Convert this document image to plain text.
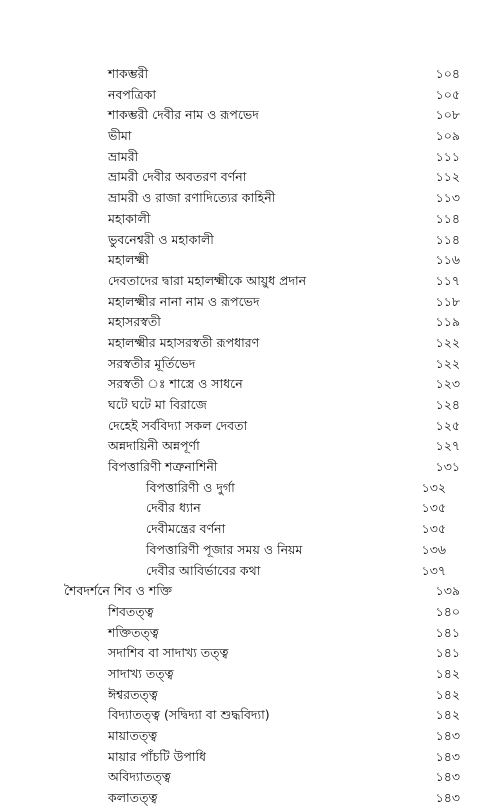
শাকম্ভরী	১০৪
নবপত্রিকা	১০৫
শাকম্ভরী দেবীর নাম ও রূপভেদ	১০৮
ভীমা	১০৯
ভ্রামরী	১১১
ভ্রামরী দেবীর অবতরণ বর্ণনা	১১২
ভ্রামরী ও রাজা রণাদিত্যের কাহিনী	১১৩
মহাকালী	১১৪
ভুবনেশ্বরী ও মহাকালী	১১৪
মহালক্ষ্মী	১১৬
দেবতাদের দ্বারা মহালক্ষ্মীকে আয়ুধ প্রদান	১১৭
মহালক্ষ্মীর নানা নাম ও রূপভেদ	১১৮
মহাসরস্বতী	১১৯
মহালক্ষ্মীর মহাসরস্বতী রূপধারণ	১২২
সরস্বতীর মূর্তিভেদ	১২২
সরস্বতী ঃ শাস্ত্রে ও সাধনে	১২৩
ঘটে ঘটে মা বিরাজে	১২৪
দেহেই সর্ববিদ্যা সকল দেবতা	১২৫
অন্নদায়িনী অন্নপূর্ণা	১২৭
বিপত্তারিণী শত্রুনাশিনী	১৩১
বিপত্তারিণী ও দুর্গা	১৩২
দেবীর ধ্যান	১৩৫
দেবীমন্ত্রের বর্ণনা	১৩৫
বিপত্তারিণী পূজার সময় ও নিয়ম	১৩৬
দেবীর আবির্ভাবের কথা	১৩৭
শৈবদর্শনে শিব ও শক্তি	১৩৯
শিবতত্ত্ব	১৪০
শক্তিতত্ত্ব	১৪১
সদাশিব বা সাদাখ্য তত্ত্ব	১৪১
সাদাখ্য তত্ত্ব	১৪২
ঈশ্বরতত্ত্ব	১৪২
বিদ্যাতত্ত্ব (সদ্বিদ্যা বা শুদ্ধবিদ্যা)	১৪২
মায়াতত্ত্ব	১৪৩
মায়ার পাঁচটি উপাধি	১৪৩
অবিদ্যাতত্ত্ব	১৪৩
কলাতত্ত্ব	১৪৩
